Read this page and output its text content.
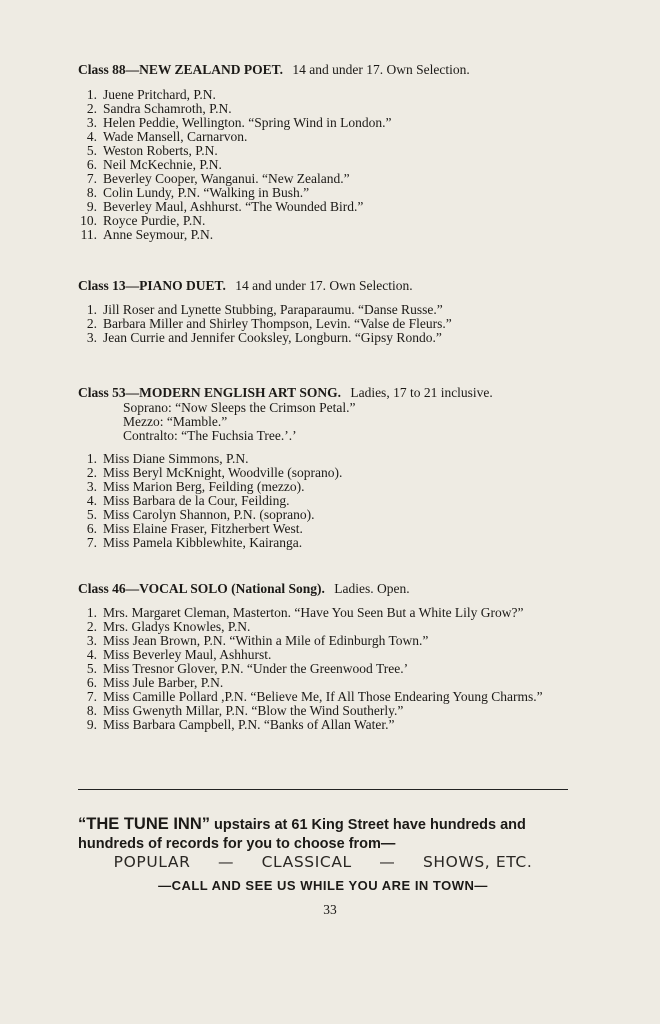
Class 88—NEW ZEALAND POET. 14 and under 17. Own Selection.
1. Juene Pritchard, P.N.
2. Sandra Schamroth, P.N.
3. Helen Peddie, Wellington. “Spring Wind in London.”
4. Wade Mansell, Carnarvon.
5. Weston Roberts, P.N.
6. Neil McKechnie, P.N.
7. Beverley Cooper, Wanganui. “New Zealand.”
8. Colin Lundy, P.N. “Walking in Bush.”
9. Beverley Maul, Ashhurst. “The Wounded Bird.”
10. Royce Purdie, P.N.
11. Anne Seymour, P.N.
Class 13—PIANO DUET. 14 and under 17. Own Selection.
1. Jill Roser and Lynette Stubbing, Paraparaumu. “Danse Russe.”
2. Barbara Miller and Shirley Thompson, Levin. “Valse de Fleurs.”
3. Jean Currie and Jennifer Cooksley, Longburn. “Gipsy Rondo.”
Class 53—MODERN ENGLISH ART SONG. Ladies, 17 to 21 inclusive.
Soprano: “Now Sleeps the Crimson Petal.”
Mezzo: “Mamble.”
Contralto: “The Fuchsia Tree.’.’
1. Miss Diane Simmons, P.N.
2. Miss Beryl McKnight, Woodville (soprano).
3. Miss Marion Berg, Feilding (mezzo).
4. Miss Barbara de la Cour, Feilding.
5. Miss Carolyn Shannon, P.N. (soprano).
6. Miss Elaine Fraser, Fitzherbert West.
7. Miss Pamela Kibblewhite, Kairanga.
Class 46—VOCAL SOLO (National Song). Ladies. Open.
1. Mrs. Margaret Cleman, Masterton. “Have You Seen But a White Lily Grow?”
2. Mrs. Gladys Knowles, P.N.
3. Miss Jean Brown, P.N. “Within a Mile of Edinburgh Town.”
4. Miss Beverley Maul, Ashhurst.
5. Miss Tresnor Glover, P.N. “Under the Greenwood Tree.’
6. Miss Jule Barber, P.N.
7. Miss Camille Pollard ,P.N. “Believe Me, If All Those Endearing Young Charms.”
8. Miss Gwenyth Millar, P.N. “Blow the Wind Southerly.”
9. Miss Barbara Campbell, P.N. “Banks of Allan Water.”
“THE TUNE INN” upstairs at 61 King Street have hundreds and hundreds of records for you to choose from—
POPULAR — CLASSICAL — SHOWS, ETC.
—CALL AND SEE US WHILE YOU ARE IN TOWN—
33
